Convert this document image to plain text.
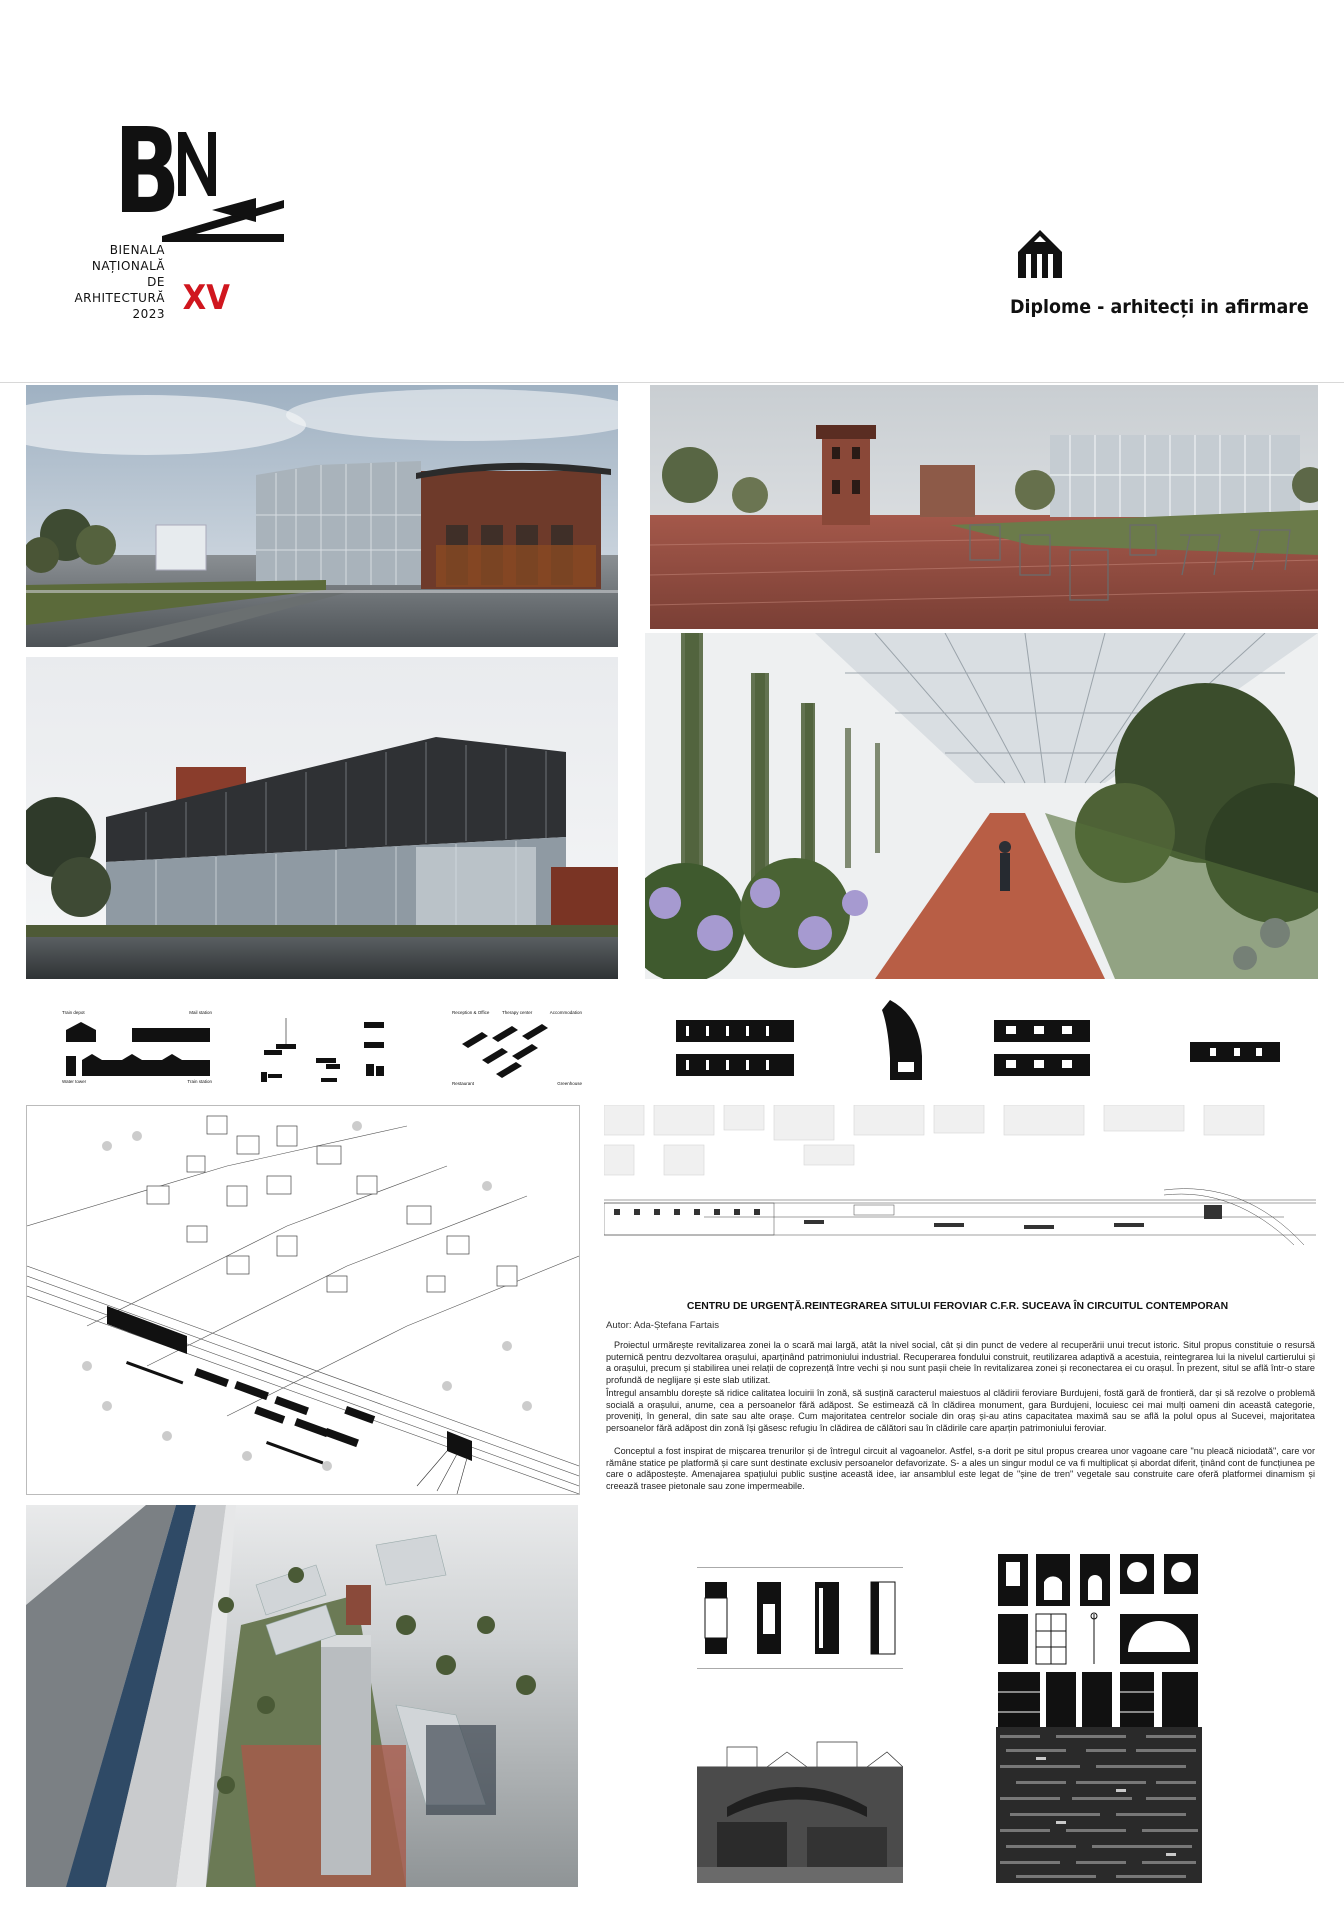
B
BIENALA
NAȚIONALĂ
DE
ARHITECTURĂ
2023 XV	Diplome - arhitecți in afirmare
Train depot	Mail station
Water tower	Train station
Reception & Office	Therapy center	Accommodation
Restaurant	Greenhouse
CENTRU DE URGENȚĂ.REINTEGRAREA SITULUI FEROVIAR C.F.R. SUCEAVA ÎN CIRCUITUL CONTEMPORAN
Autor: Ada-Ștefana Fartais
Proiectul urmărește revitalizarea zonei la o scară mai largă, atât la nivel social, cât și din punct de vedere al recuperării unui trecut istoric. Situl propus constituie o resursă puternică pentru dezvoltarea orașului, aparținând patrimoniului industrial. Recuperarea fondului construit, reutilizarea adaptivă a acestuia, reintegrarea lui la nivelul cartierului și a orașului, precum și stabilirea unei relații de coprezență între vechi și nou sunt pașii cheie în revitalizarea zonei și reconectarea ei cu orașul. În prezent, situl se află într-o stare profundă de neglijare și este slab utilizat.
Întregul ansamblu dorește să ridice calitatea locuirii în zonă, să susțină caracterul maiestuos al clădirii feroviare Burdujeni, fostă gară de frontieră, dar și să rezolve o problemă socială a orașului, anume, cea a persoanelor fără adăpost. Se estimează că în clădirea monument, gara Burdujeni, locuiesc cei mai mulți oameni din această categorie, proveniți, în general, din sate sau alte orașe. Cum majoritatea centrelor sociale din oraș și-au atins capacitatea maximă sau se află la polul opus al Sucevei, majoritatea persoanelor fără adăpost din zonă își găsesc refugiu în clădirea de călători sau în clădirile care aparțin patrimoniului feroviar.
Conceptul a fost inspirat de mișcarea trenurilor și de întregul circuit al vagoanelor. Astfel, s-a dorit pe situl propus crearea unor vagoane care "nu pleacă niciodată", care vor rămâne statice pe platformă și care sunt destinate exclusiv persoanelor defavorizate. S- a ales un singur modul ce va fi multiplicat și abordat diferit, ținând cont de funcțiunea pe care o adăpostește. Amenajarea spațiului public susține această idee, iar ansamblul este legat de "șine de tren" vegetale sau construite care oferă platformei dinamism și creează trasee pietonale sau zone impermeabile.
